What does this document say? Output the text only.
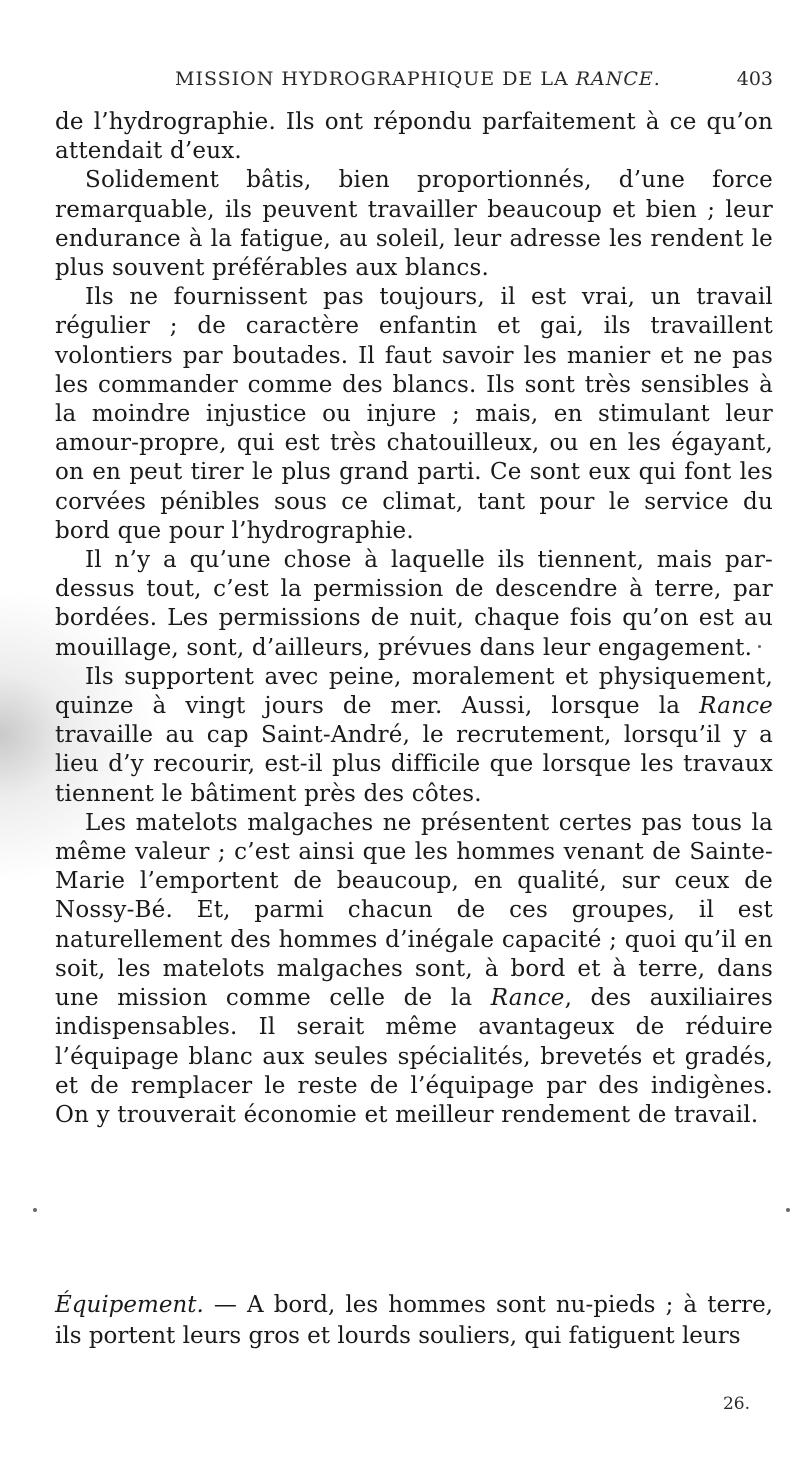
MISSION HYDROGRAPHIQUE DE LA RANCE.	403

de l’hydrographie. Ils ont répondu parfaitement à ce qu’on attendait d’eux.

Solidement bâtis, bien proportionnés, d’une force remarquable, ils peuvent travailler beaucoup et bien ; leur endurance à la fatigue, au soleil, leur adresse les rendent le plus souvent préférables aux blancs.

Ils ne fournissent pas toujours, il est vrai, un travail régulier ; de caractère enfantin et gai, ils travaillent volontiers par boutades. Il faut savoir les manier et ne pas les commander comme des blancs. Ils sont très sensibles à la moindre injustice ou injure ; mais, en stimulant leur amour-propre, qui est très chatouilleux, ou en les égayant, on en peut tirer le plus grand parti. Ce sont eux qui font les corvées pénibles sous ce climat, tant pour le service du bord que pour l’hydrographie.

Il n’y a qu’une chose à laquelle ils tiennent, mais par-dessus tout, c’est la permission de descendre à terre, par bordées. Les permissions de nuit, chaque fois qu’on est au mouillage, sont, d’ailleurs, prévues dans leur engagement.

Ils supportent avec peine, moralement et physiquement, quinze à vingt jours de mer. Aussi, lorsque la Rance travaille au cap Saint-André, le recrutement, lorsqu’il y a lieu d’y recourir, est-il plus difficile que lorsque les travaux tiennent le bâtiment près des côtes.

Les matelots malgaches ne présentent certes pas tous la même valeur ; c’est ainsi que les hommes venant de Sainte-Marie l’emportent de beaucoup, en qualité, sur ceux de Nossy-Bé. Et, parmi chacun de ces groupes, il est naturellement des hommes d’inégale capacité ; quoi qu’il en soit, les matelots malgaches sont, à bord et à terre, dans une mission comme celle de la Rance, des auxiliaires indispensables. Il serait même avantageux de réduire l’équipage blanc aux seules spécialités, brevetés et gradés, et de remplacer le reste de l’équipage par des indigènes. On y trouverait économie et meilleur rendement de travail.

Équipement. — A bord, les hommes sont nu-pieds ; à terre, ils portent leurs gros et lourds souliers, qui fatiguent leurs
26.
